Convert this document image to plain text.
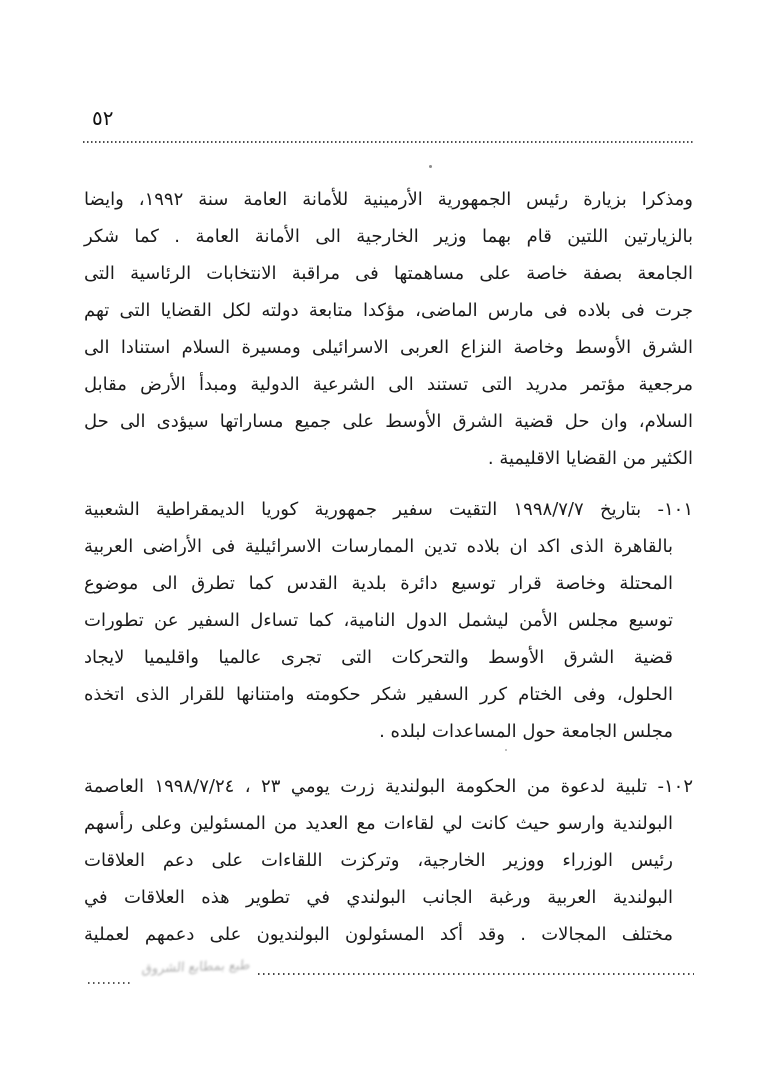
٥٢
ومذكرا بزيارة رئيس الجمهورية الأرمينية للأمانة العامة سنة ١٩٩٢، وايضا
بالزيارتين اللتين قام بهما وزير الخارجية الى الأمانة العامة . كما شكر
الجامعة بصفة خاصة على مساهمتها فى مراقبة الانتخابات الرئاسية التى
جرت فى بلاده فى مارس الماضى، مؤكدا متابعة دولته لكل القضايا التى تهم
الشرق الأوسط وخاصة النزاع العربى الاسرائيلى ومسيرة السلام استنادا الى
مرجعية مؤتمر مدريد التى تستند الى الشرعية الدولية ومبدأ الأرض مقابل
السلام، وان حل قضية الشرق الأوسط على جميع مساراتها سيؤدى الى حل
الكثير من القضايا الاقليمية .
١٠١- بتاريخ ١٩٩٨/٧/٧ التقيت سفير جمهورية كوريا الديمقراطية الشعبية
بالقاهرة الذى اكد ان بلاده تدين الممارسات الاسرائيلية فى الأراضى العربية
المحتلة وخاصة قرار توسيع دائرة بلدية القدس كما تطرق الى موضوع
توسيع مجلس الأمن ليشمل الدول النامية، كما تساءل السفير عن تطورات
قضية الشرق الأوسط والتحركات التى تجرى عالميا واقليميا لايجاد
الحلول، وفى الختام كرر السفير شكر حكومته وامتنانها للقرار الذى اتخذه
مجلس الجامعة حول المساعدات لبلده .
١٠٢- تلبية لدعوة من الحكومة البولندية زرت يومي ٢٣ ، ١٩٩٨/٧/٢٤ العاصمة
البولندية وارسو حيث كانت لي لقاءات مع العديد من المسئولين وعلى رأسهم
رئيس الوزراء ووزير الخارجية، وتركزت اللقاءات على دعم العلاقات
البولندية العربية ورغبة الجانب البولندي في تطوير هذه العلاقات في
مختلف المجالات . وقد أكد المسئولون البولنديون على دعمهم لعملية
طبع بمطابع الشروق
